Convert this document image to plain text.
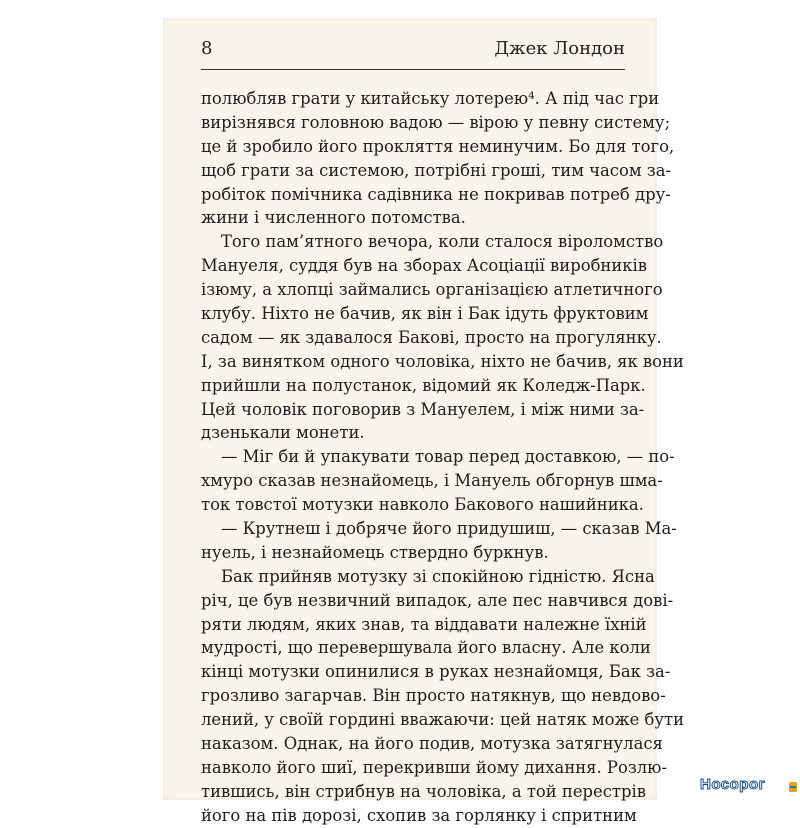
8	Джек Лондон
полюбляв грати у китайську лотерею⁴. А під час гри
вирізнявся головною вадою — вірою у певну систему;
це й зробило його прокляття неминучим. Бо для того,
щоб грати за системою, потрібні гроші, тим часом за-
робіток помічника садівника не покривав потреб дру-
жини і численного потомства.
Того пам’ятного вечора, коли сталося віроломство
Мануеля, суддя був на зборах Асоціації виробників
ізюму, а хлопці займались організацією атлетичного
клубу. Ніхто не бачив, як він і Бак ідуть фруктовим
садом — як здавалося Бакові, просто на прогулянку.
І, за винятком одного чоловіка, ніхто не бачив, як вони
прийшли на полустанок, відомий як Коледж-Парк.
Цей чоловік поговорив з Мануелем, і між ними за-
дзенькали монети.
— Міг би й упакувати товар перед доставкою, — по-
хмуро сказав незнайомець, і Мануель обгорнув шма-
ток товстої мотузки навколо Бакового нашийника.
— Крутнеш і добряче його придушиш, — сказав Ма-
нуель, і незнайомець ствердно буркнув.
Бак прийняв мотузку зі спокійною гідністю. Ясна
річ, це був незвичний випадок, але пес навчився дові-
ряти людям, яких знав, та віддавати належне їхній
мудрості, що перевершувала його власну. Але коли
кінці мотузки опинилися в руках незнайомця, Бак за-
грозливо загарчав. Він просто натякнув, що невдово-
лений, у своїй гордині вважаючи: цей натяк може бути
наказом. Однак, на його подив, мотузка затягнулася
навколо його шиї, перекривши йому дихання. Розлю-
тившись, він стрибнув на чоловіка, а той перестрів
його на пів дорозі, схопив за горлянку і спритним
Носорог
